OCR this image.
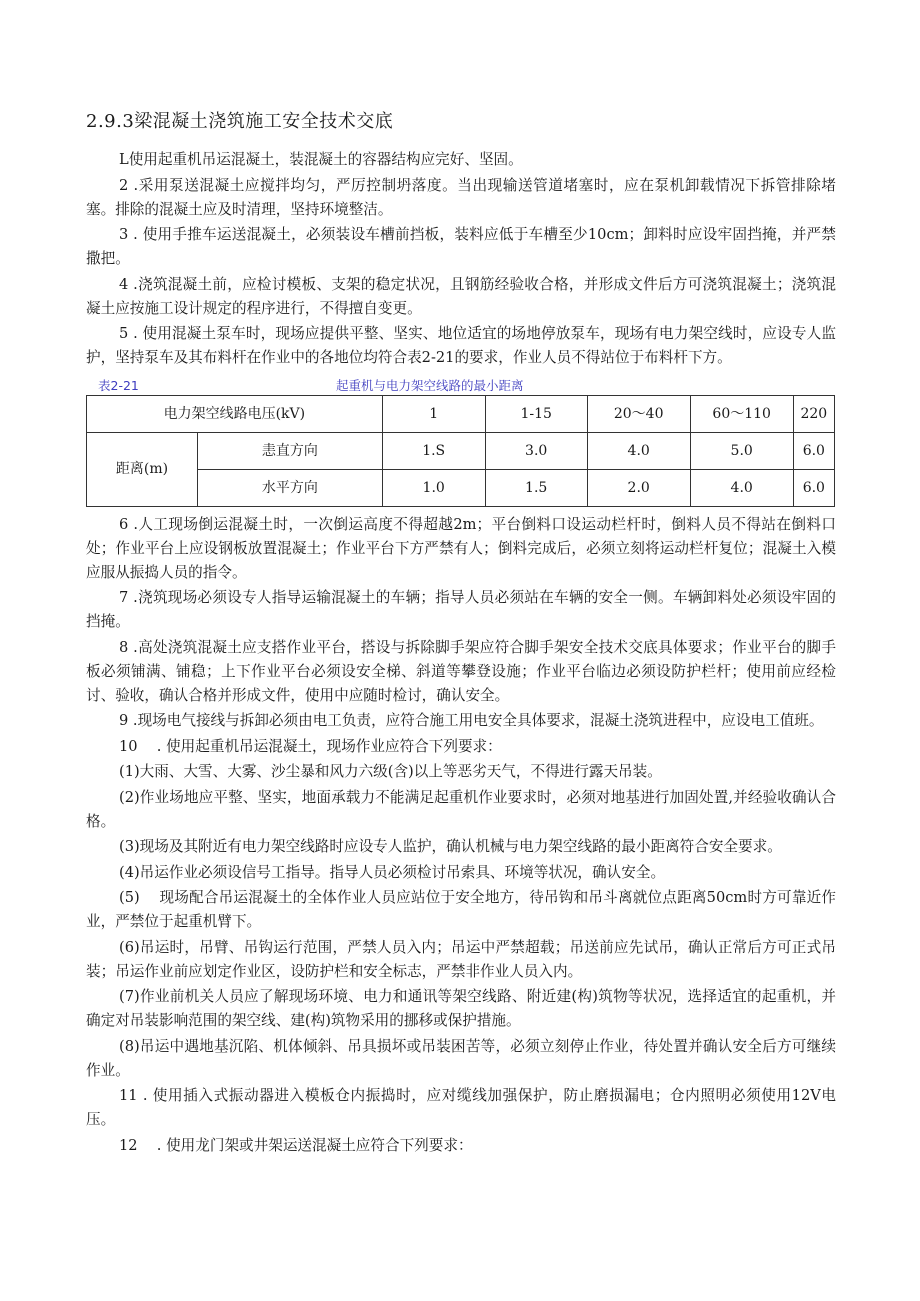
2.9.3梁混凝土浇筑施工安全技术交底

L使用起重机吊运混凝土，装混凝土的容器结构应完好、坚固。

2 .采用泵送混凝土应搅拌均匀，严厉控制坍落度。当出现输送管道堵塞时，应在泵机卸载情况下拆管排除堵塞。排除的混凝土应及时清理，坚持环境整洁。

3 . 使用手推车运送混凝土，必须装设车槽前挡板，装料应低于车槽至少10cm；卸料时应设牢固挡掩，并严禁撒把。

4 .浇筑混凝土前，应检讨模板、支架的稳定状况，且钢筋经验收合格，并形成文件后方可浇筑混凝土；浇筑混凝土应按施工设计规定的程序进行，不得擅自变更。

5 . 使用混凝土泵车时，现场应提供平整、坚实、地位适宜的场地停放泵车，现场有电力架空线时，应设专人监护，坚持泵车及其布料杆在作业中的各地位均符合表2-21的要求，作业人员不得站位于布料杆下方。

表2-21	起重机与电力架空线路的最小距离
电力架空线路电压(kV)		1	1-15	20～40	60～110	220
距离(m)	恚直方向	1.S	3.0	4.0	5.0	6.0
	水平方向	1.0	1.5	2.0	4.0	6.0

6 .人工现场倒运混凝土时，一次倒运高度不得超越2m；平台倒料口设运动栏杆时，倒料人员不得站在倒料口处；作业平台上应设钢板放置混凝土；作业平台下方严禁有人；倒料完成后，必须立刻将运动栏杆复位；混凝土入模应服从振捣人员的指令。

7 .浇筑现场必须设专人指导运输混凝土的车辆；指导人员必须站在车辆的安全一侧。车辆卸料处必须设牢固的挡掩。

8 .高处浇筑混凝土应支搭作业平台，搭设与拆除脚手架应符合脚手架安全技术交底具体要求；作业平台的脚手板必须铺满、铺稳；上下作业平台必须设安全梯、斜道等攀登设施；作业平台临边必须设防护栏杆；使用前应经检讨、验收，确认合格并形成文件，使用中应随时检讨，确认安全。

9 .现场电气接线与拆卸必须由电工负责，应符合施工用电安全具体要求，混凝土浇筑进程中，应设电工值班。

10　 . 使用起重机吊运混凝土，现场作业应符合下列要求：

(1)大雨、大雪、大雾、沙尘暴和风力六级(含)以上等恶劣天气，不得进行露天吊装。

(2)作业场地应平整、坚实，地面承载力不能满足起重机作业要求时，必须对地基进行加固处置,并经验收确认合格。

(3)现场及其附近有电力架空线路时应设专人监护，确认机械与电力架空线路的最小距离符合安全要求。

(4)吊运作业必须设信号工指导。指导人员必须检讨吊索具、环境等状况，确认安全。

(5)　 现场配合吊运混凝土的全体作业人员应站位于安全地方，待吊钩和吊斗离就位点距离50cm时方可靠近作业，严禁位于起重机臂下。

(6)吊运时，吊臂、吊钩运行范围，严禁人员入内；吊运中严禁超载；吊送前应先试吊，确认正常后方可正式吊装；吊运作业前应划定作业区，设防护栏和安全标志，严禁非作业人员入内。

(7)作业前机关人员应了解现场环境、电力和通讯等架空线路、附近建(构)筑物等状况，选择适宜的起重机，并确定对吊装影响范围的架空线、建(构)筑物采用的挪移或保护措施。

(8)吊运中遇地基沉陷、机体倾斜、吊具损坏或吊装困苦等，必须立刻停止作业，待处置并确认安全后方可继续作业。

11 . 使用插入式振动器进入模板仓内振捣时，应对缆线加强保护，防止磨损漏电；仓内照明必须使用12V电压。

12　 . 使用龙门架或井架运送混凝土应符合下列要求：
